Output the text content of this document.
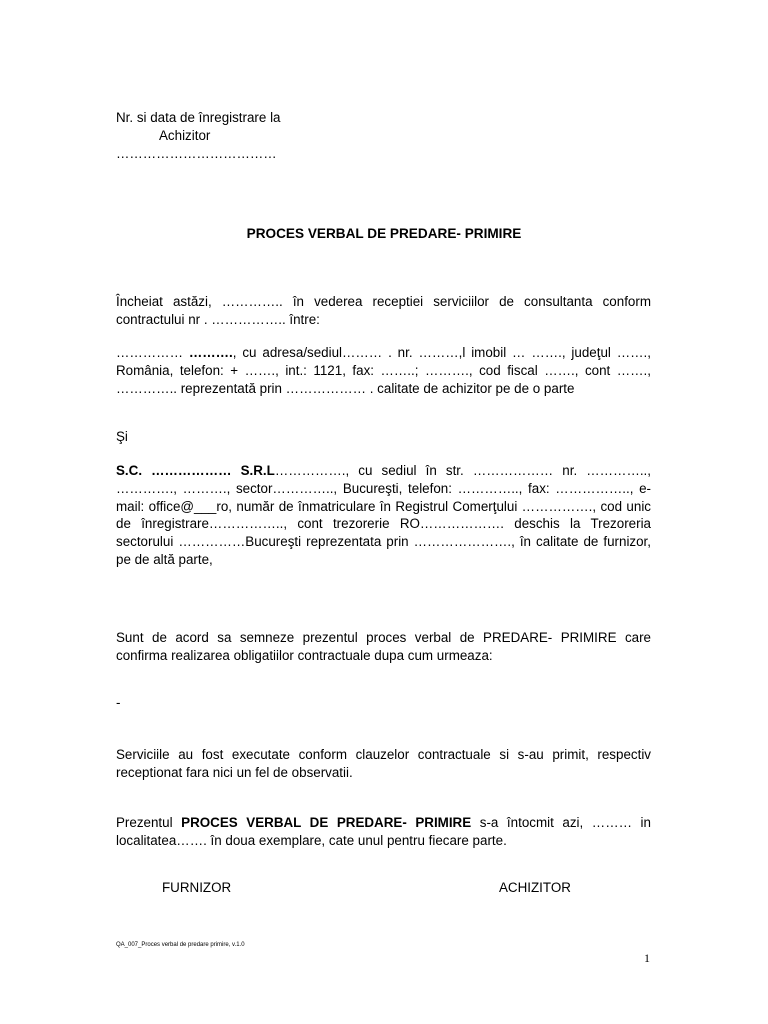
Nr. si data de înregistrare la
Achizitor
………………………………
PROCES VERBAL DE PREDARE- PRIMIRE
Încheiat astăzi, ………….. în vederea receptiei serviciilor de consultanta conform contractului nr . …………….. între:
…………… ………., cu adresa/sediul……… . nr. ………,l imobil … ……., judeţul ……., România, telefon: + ……., int.: 1121, fax: ……..; ………., cod fiscal ……., cont ……., ………….. reprezentată prin ……………… . calitate de achizitor pe de o parte
Şi
S.C. ……………… S.R.L……………., cu sediul în str. ……………… nr. ………….., …………., ………., sector………….., Bucureşti, telefon: ………….., fax: …………….., e-mail: office@___ro, număr de înmatriculare în Registrul Comerţului ……………., cod unic de înregistrare…………….., cont trezorerie RO………………. deschis la Trezoreria sectorului ……………Bucureşti reprezentata prin …………………., în calitate de furnizor, pe de altă parte,
Sunt de acord sa semneze prezentul proces verbal de PREDARE- PRIMIRE care confirma realizarea obligatiilor contractuale dupa cum urmeaza:
-
Serviciile au fost executate conform clauzelor contractuale si s-au primit, respectiv receptionat fara nici un fel de observatii.
Prezentul PROCES VERBAL DE PREDARE- PRIMIRE s-a întocmit azi, ……… in localitatea……. în doua exemplare, cate unul pentru fiecare parte.
FURNIZOR	ACHIZITOR
QA_007_Proces verbal de predare primire, v.1.0
1
